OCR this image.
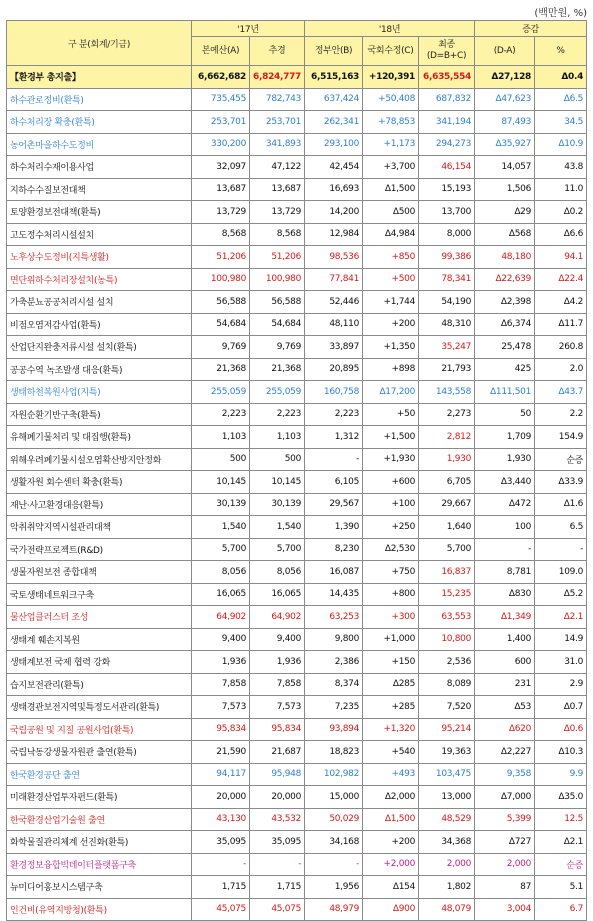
(백만원, %)
구 분(회계/기금)	'17년		'18년			증감	
	본예산(A)	추경	정부안(B)	국회수정(C)	최종 (D=B+C)	(D-A)	%
【환경부 총지출】	6,662,682	6,824,777	6,515,163	+120,391	6,635,554	Δ27,128	Δ0.4
하수관로정비(환특)	735,455	782,743	637,424	+50,408	687,832	Δ47,623	Δ6.5
하수처리장 확충(환특)	253,701	253,701	262,341	+78,853	341,194	87,493	34.5
농어촌마을하수도정비	330,200	341,893	293,100	+1,173	294,273	Δ35,927	Δ10.9
하수처리수재이용사업	32,097	47,122	42,454	+3,700	46,154	14,057	43.8
지하수수질보전대책	13,687	13,687	16,693	Δ1,500	15,193	1,506	11.0
토양환경보전대책(환특)	13,729	13,729	14,200	Δ500	13,700	Δ29	Δ0.2
고도정수처리시설설치	8,568	8,568	12,984	Δ4,984	8,000	Δ568	Δ6.6
노후상수도정비(지특생활)	51,206	51,206	98,536	+850	99,386	48,180	94.1
면단위하수처리장설치(농특)	100,980	100,980	77,841	+500	78,341	Δ22,639	Δ22.4
가축분뇨공공처리시설 설치	56,588	56,588	52,446	+1,744	54,190	Δ2,398	Δ4.2
비점오염저감사업(환특)	54,684	54,684	48,110	+200	48,310	Δ6,374	Δ11.7
산업단지완충저류시설 설치(환특)	9,769	9,769	33,897	+1,350	35,247	25,478	260.8
공공수역 녹조발생 대응(환특)	21,368	21,368	20,895	+898	21,793	425	2.0
생태하천복원사업(지특)	255,059	255,059	160,758	Δ17,200	143,558	Δ111,501	Δ43.7
자원순환기반구축(환특)	2,223	2,223	2,223	+50	2,273	50	2.2
유해폐기물처리 및 대집행(환특)	1,103	1,103	1,312	+1,500	2,812	1,709	154.9
위해우려폐기물시설오염확산방지안정화	500	500	-	+1,930	1,930	1,930	순증
생활자원 회수센터 확충(환특)	10,145	10,145	6,105	+600	6,705	Δ3,440	Δ33.9
재난·사고환경대응(환특)	30,139	30,139	29,567	+100	29,667	Δ472	Δ1.6
악취취약지역시설관리대책	1,540	1,540	1,390	+250	1,640	100	6.5
국가전략프로젝트(R&D)	5,700	5,700	8,230	Δ2,530	5,700	-	-
생물자원보전 종합대책	8,056	8,056	16,087	+750	16,837	8,781	109.0
국토생태네트워크구축	16,065	16,065	14,435	+800	15,235	Δ830	Δ5.2
물산업클러스터 조성	64,902	64,902	63,253	+300	63,553	Δ1,349	Δ2.1
생태계 훼손지복원	9,400	9,400	9,800	+1,000	10,800	1,400	14.9
생태계보전 국제 협력 강화	1,936	1,936	2,386	+150	2,536	600	31.0
습지보전관리(환특)	7,858	7,858	8,374	Δ285	8,089	231	2.9
생태경관보전지역및특정도서관리(환특)	7,573	7,573	7,235	+285	7,520	Δ53	Δ0.7
국립공원 및 지질 공원사업(환특)	95,834	95,834	93,894	+1,320	95,214	Δ620	Δ0.6
국립낙동강생물자원관 출연(환특)	21,590	21,687	18,823	+540	19,363	Δ2,227	Δ10.3
한국환경공단 출연	94,117	95,948	102,982	+493	103,475	9,358	9.9
미래환경산업투자펀드(환특)	20,000	20,000	15,000	Δ2,000	13,000	Δ7,000	Δ35.0
한국환경산업기술원 출연	43,130	43,532	50,029	Δ1,500	48,529	5,399	12.5
화학물질관리체계 선진화(환특)	35,095	35,095	34,168	+200	34,368	Δ727	Δ2.1
환경정보융합빅데이터플랫폼구축	-	-	-	+2,000	2,000	2,000	순증
뉴미디어홍보시스템구축	1,715	1,715	1,956	Δ154	1,802	87	5.1
인건비(유역지방청)(환특)	45,075	45,075	48,979	Δ900	48,079	3,004	6.7
